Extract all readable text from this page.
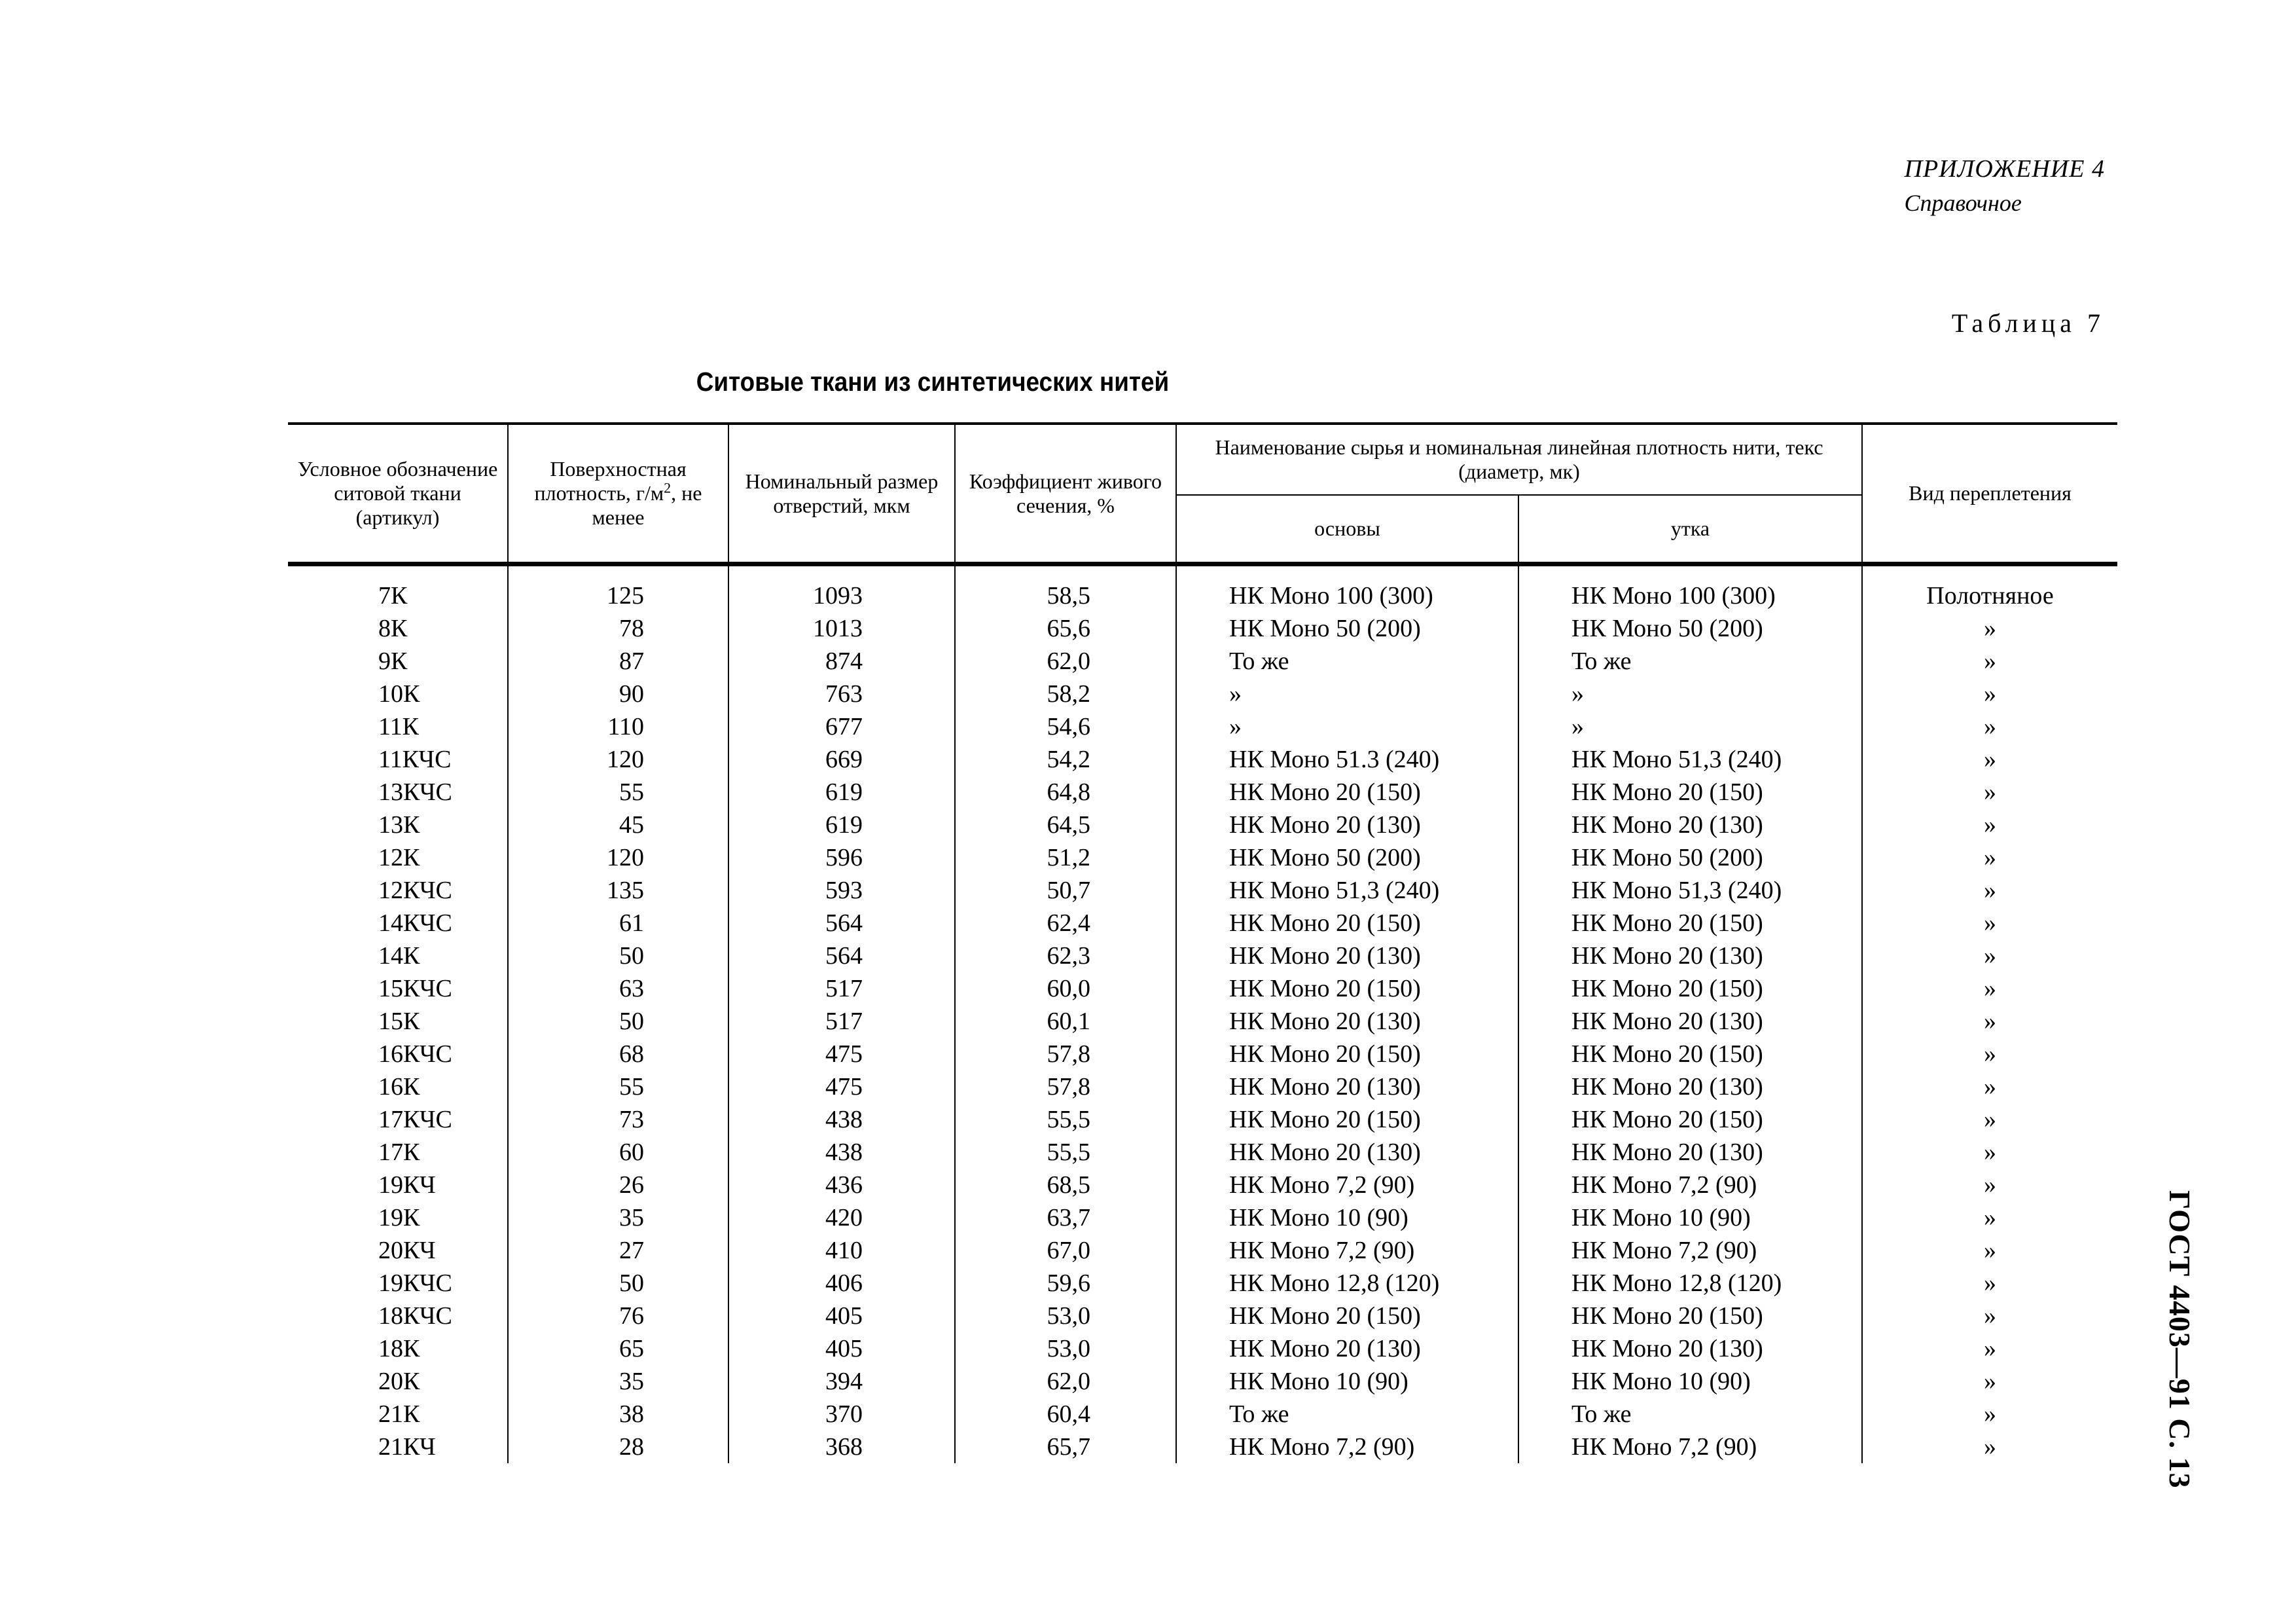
ПРИЛОЖЕНИЕ 4
Справочное
Таблица 7
Ситовые ткани из синтетических нитей
Условное обозначение ситовой ткани (артикул)	Поверхностная плотность, $г/м^2$, не менее	Номинальный размер отверстий, мкм	Коэффициент живого сечения, %	Наименование сырья и номинальная линейная плотность нити, текс (диаметр, мк)		Вид переплетения
				основы	утка	
7К	125	1093	58,5	НК Моно 100 (300)	НК Моно 100 (300)	Полотняное
8К	78	1013	65,6	НК Моно 50 (200)	НК Моно 50 (200)	»
9К	87	874	62,0	То же	То же	»
10К	90	763	58,2	»	»	»
11К	110	677	54,6	»	»	»
11КЧС	120	669	54,2	НК Моно 51.3 (240)	НК Моно 51,3 (240)	»
13КЧС	55	619	64,8	НК Моно 20 (150)	НК Моно 20 (150)	»
13К	45	619	64,5	НК Моно 20 (130)	НК Моно 20 (130)	»
12К	120	596	51,2	НК Моно 50 (200)	НК Моно 50 (200)	»
12КЧС	135	593	50,7	НК Моно 51,3 (240)	НК Моно 51,3 (240)	»
14КЧС	61	564	62,4	НК Моно 20 (150)	НК Моно 20 (150)	»
14К	50	564	62,3	НК Моно 20 (130)	НК Моно 20 (130)	»
15КЧС	63	517	60,0	НК Моно 20 (150)	НК Моно 20 (150)	»
15К	50	517	60,1	НК Моно 20 (130)	НК Моно 20 (130)	»
16КЧС	68	475	57,8	НК Моно 20 (150)	НК Моно 20 (150)	»
16К	55	475	57,8	НК Моно 20 (130)	НК Моно 20 (130)	»
17КЧС	73	438	55,5	НК Моно 20 (150)	НК Моно 20 (150)	»
17К	60	438	55,5	НК Моно 20 (130)	НК Моно 20 (130)	»
19КЧ	26	436	68,5	НК Моно 7,2 (90)	НК Моно 7,2 (90)	»
19К	35	420	63,7	НК Моно 10 (90)	НК Моно 10 (90)	»
20КЧ	27	410	67,0	НК Моно 7,2 (90)	НК Моно 7,2 (90)	»
19КЧС	50	406	59,6	НК Моно 12,8 (120)	НК Моно 12,8 (120)	»
18КЧС	76	405	53,0	НК Моно 20 (150)	НК Моно 20 (150)	»
18К	65	405	53,0	НК Моно 20 (130)	НК Моно 20 (130)	»
20К	35	394	62,0	НК Моно 10 (90)	НК Моно 10 (90)	»
21К	38	370	60,4	То же	То же	»
21КЧ	28	368	65,7	НК Моно 7,2 (90)	НК Моно 7,2 (90)	»	ГОСТ 4403—91 С. 13
